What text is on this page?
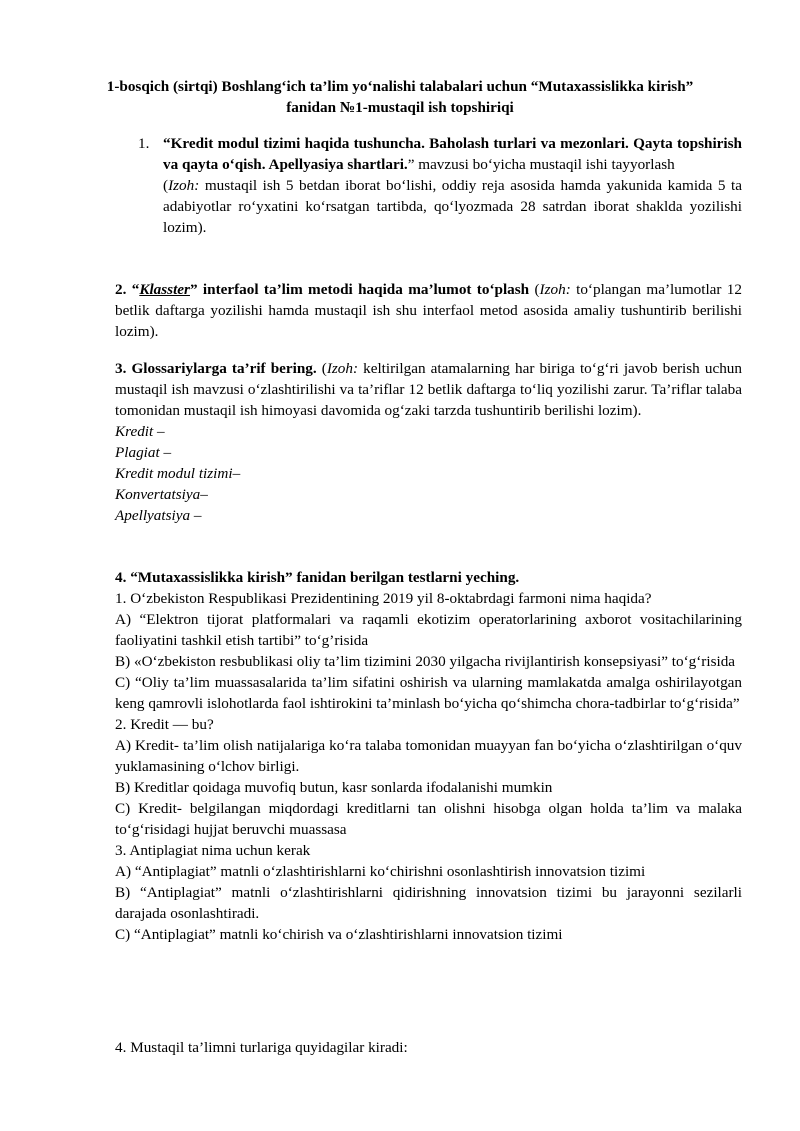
1-bosqich (sirtqi) Boshlang‘ich ta’lim yo‘nalishi talabalari uchun “Mutaxassislikka kirish”
fanidan №1-mustaqil ish topshiriqi
1. “Kredit modul tizimi haqida tushuncha. Baholash turlari va mezonlari. Qayta topshirish va qayta o‘qish. Apellyasiya shartlari.” mavzusi bo‘yicha mustaqil ishi tayyorlash
(Izoh: mustaqil ish 5 betdan iborat bo‘lishi, oddiy reja asosida hamda yakunida kamida 5 ta adabiyotlar ro‘yxatini ko‘rsatgan tartibda, qo‘lyozmada 28 satrdan iborat shaklda yozilishi lozim).
2. “Klasster” interfaol ta’lim metodi haqida ma’lumot to‘plash (Izoh: to‘plangan ma’lumotlar 12 betlik daftarga yozilishi hamda mustaqil ish shu interfaol metod asosida amaliy tushuntirib berilishi lozim).
3. Glossariylarga ta’rif bering. (Izoh: keltirilgan atamalarning har biriga to‘g‘ri javob berish uchun mustaqil ish mavzusi o‘zlashtirilishi va ta’riflar 12 betlik daftarga to‘liq yozilishi zarur. Ta’riflar talaba tomonidan mustaqil ish himoyasi davomida og‘zaki tarzda tushuntirib berilishi lozim).
Kredit –
Plagiat –
Kredit modul tizimi–
Konvertatsiya–
Apellyatsiya –
4. “Mutaxassislikka kirish” fanidan berilgan testlarni yeching.
1. O‘zbekiston Respublikasi Prezidentining 2019 yil 8-oktabrdagi farmoni nima haqida?
A) “Elektron tijorat platformalari va raqamli ekotizim operatorlarining axborot vositachilarining faoliyatini tashkil etish tartibi” to‘g’risida
B) «O‘zbekiston resbublikasi oliy ta’lim tizimini 2030 yilgacha rivijlantirish konsepsiyasi” to‘g‘risida
C) “Oliy ta’lim muassasalarida ta’lim sifatini oshirish va ularning mamlakatda amalga oshirilayotgan keng qamrovli islohotlarda faol ishtirokini ta’minlash bo‘yicha qo‘shimcha chora-tadbirlar to‘g‘risida”
2. Kredit — bu?
A) Kredit- ta’lim olish natijalariga ko‘ra talaba tomonidan muayyan fan bo‘yicha o‘zlashtirilgan o‘quv yuklamasining o‘lchov birligi.
B) Kreditlar qoidaga muvofiq butun, kasr sonlarda ifodalanishi mumkin
C) Kredit- belgilangan miqdordagi kreditlarni tan olishni hisobga olgan holda ta’lim va malaka to‘g‘risidagi hujjat beruvchi muassasa
3. Antiplagiat nima uchun kerak
A) “Antiplagiat” matnli o‘zlashtirishlarni ko‘chirishni osonlashtirish innovatsion tizimi
B) “Antiplagiat” matnli o‘zlashtirishlarni qidirishning innovatsion tizimi bu jarayonni sezilarli darajada osonlashtiradi.
C) “Antiplagiat” matnli ko‘chirish va o‘zlashtirishlarni innovatsion tizimi
4. Mustaqil ta’limni turlariga quyidagilar kiradi:
